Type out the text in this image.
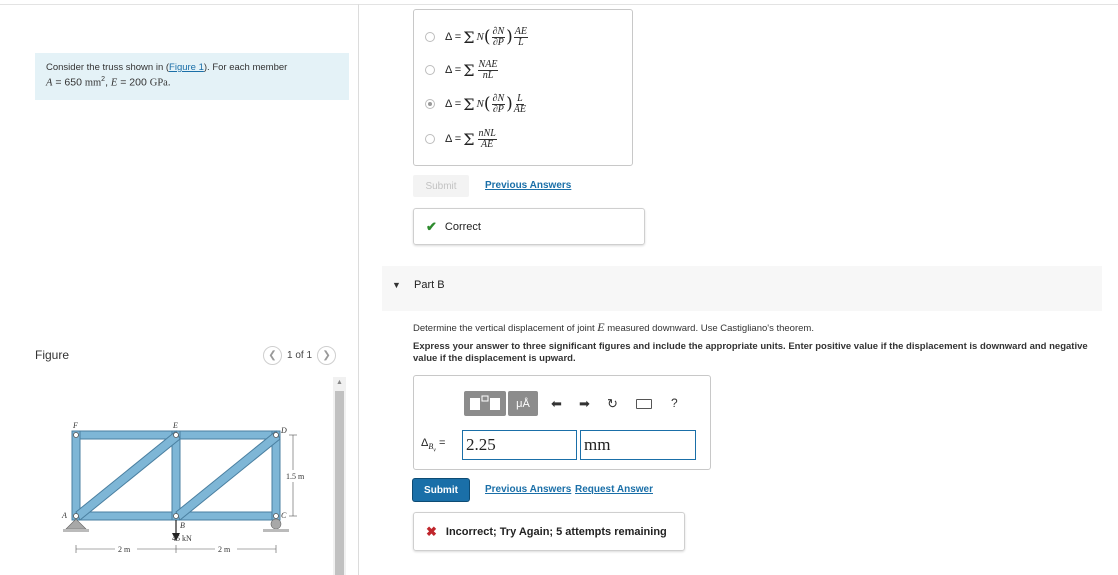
Consider the truss shown in (Figure 1). For each member
A = 650 $mm^2$, E = 200 GPa.
Figure	❮ 1 of 1 ❯
F	E
D
A
B
C
45 kN
1.5 m
2 m	2 m
▲
Δ = Σ N ( $\frac{\partial N}{\partial P}$ ) $\frac{AE}{L}$
Δ = Σ $\frac{\text{NAE}}{nL}$
Δ = Σ N ( $\frac{\partial N}{\partial P}$ ) $\frac{L}{AE}$
Δ = Σ $\frac{\text{nNL}}{AE}$
Submit	Previous Answers
✔ Correct
▼ Part B
Determine the vertical displacement of joint E measured downward. Use Castigliano's theorem.
Express your answer to three significant figures and include the appropriate units. Enter positive value if the displacement is downward and negative value if the displacement is upward.
μÅ ⬅ ➡ ↻	?
$\Delta_{B_v} = 2.25$	mm
Submit	Previous Answers Request Answer
✖ Incorrect; Try Again; 5 attempts remaining
